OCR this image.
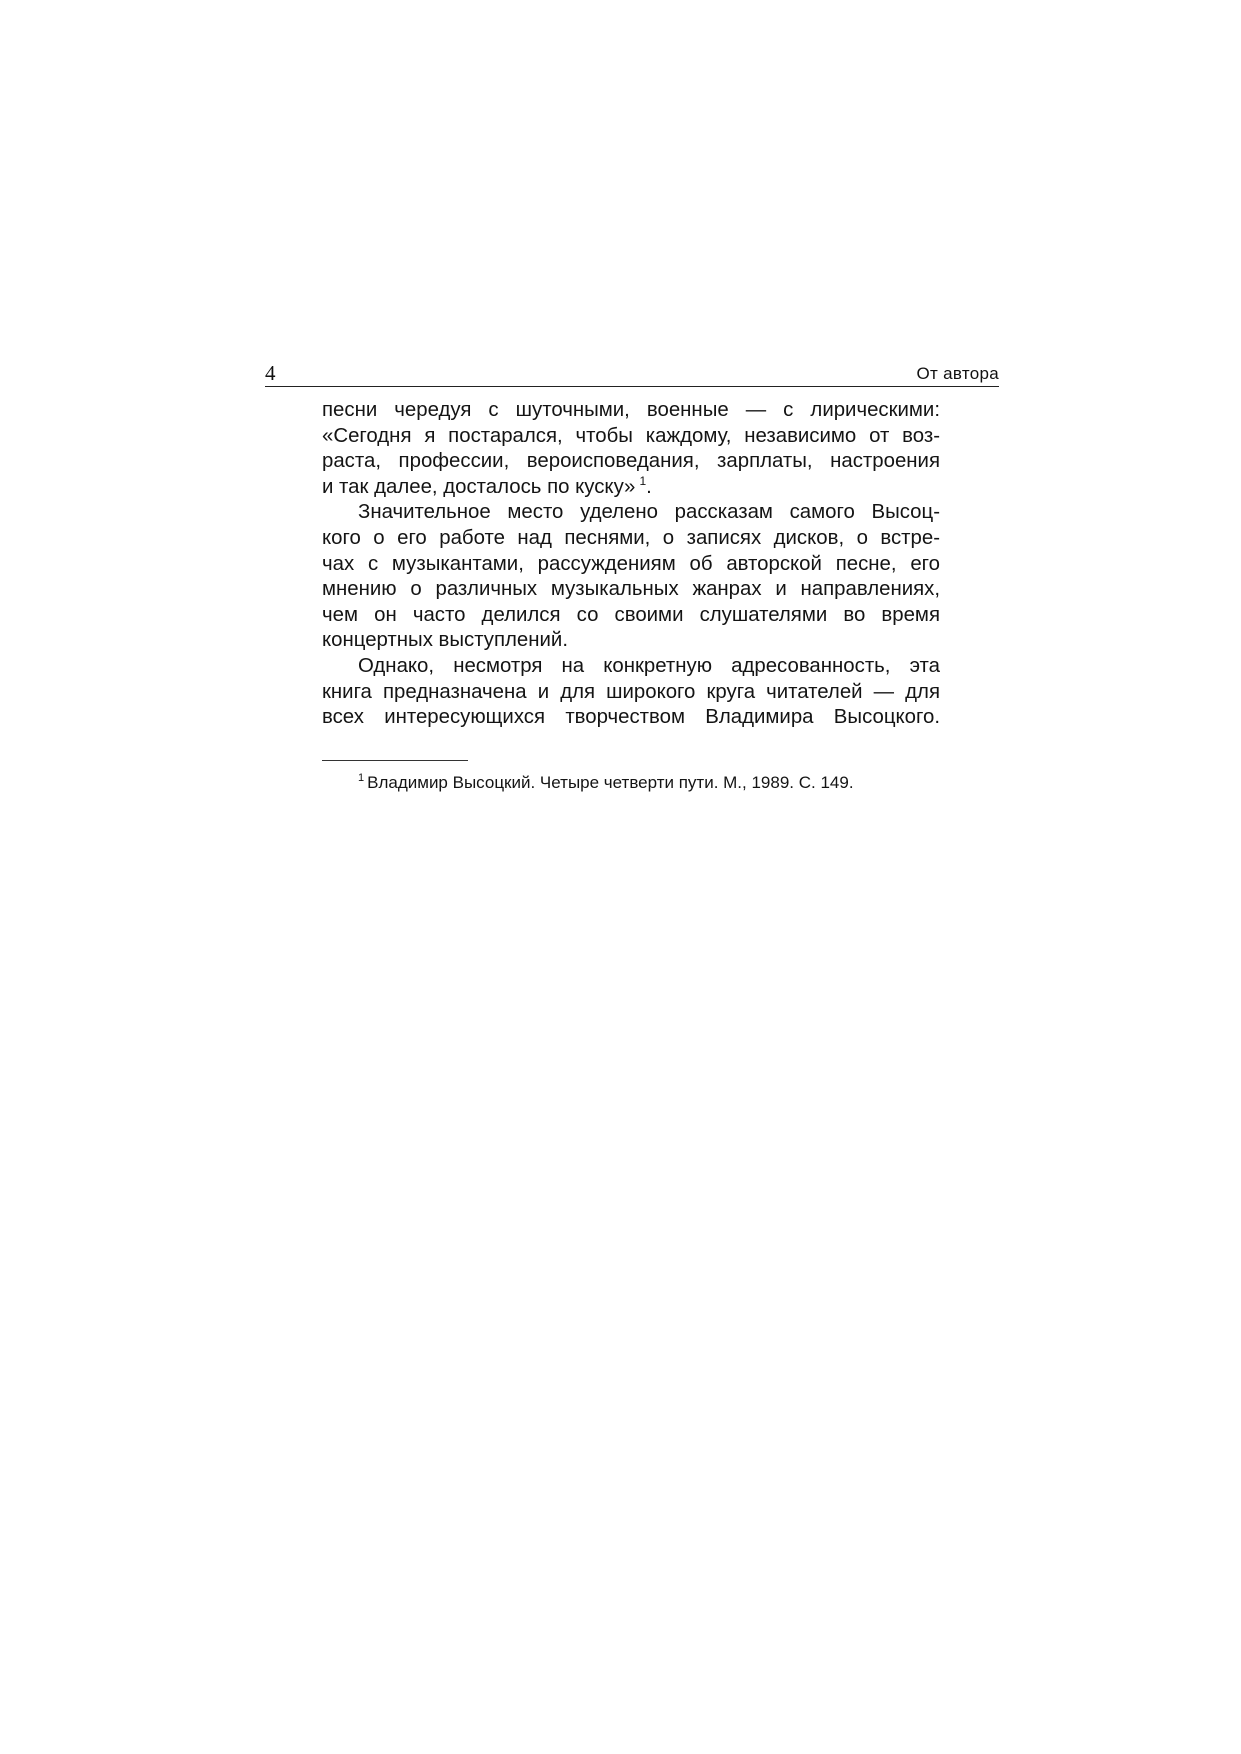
4	От автора
песни чередуя с шуточными, военные — с лирическими:
«Сегодня я постарался, чтобы каждому, независимо от воз-
раста, профессии, вероисповедания, зарплаты, настроения
и так далее, досталось по куску»  $^1$.
Значительное место уделено рассказам самого Высоц-
кого о его работе над песнями, о записях дисков, о встре-
чах с музыкантами, рассуждениям об авторской песне, его
мнению о различных музыкальных жанрах и направлениях,
чем он часто делился со своими слушателями во время
концертных выступлений.
Однако, несмотря на конкретную адресованность, эта
книга предназначена и для широкого круга читателей — для
всех интересующихся творчеством Владимира Высоцкого.
$^1$ Владимир Высоцкий. Четыре четверти пути. М., 1989. С. 149.
